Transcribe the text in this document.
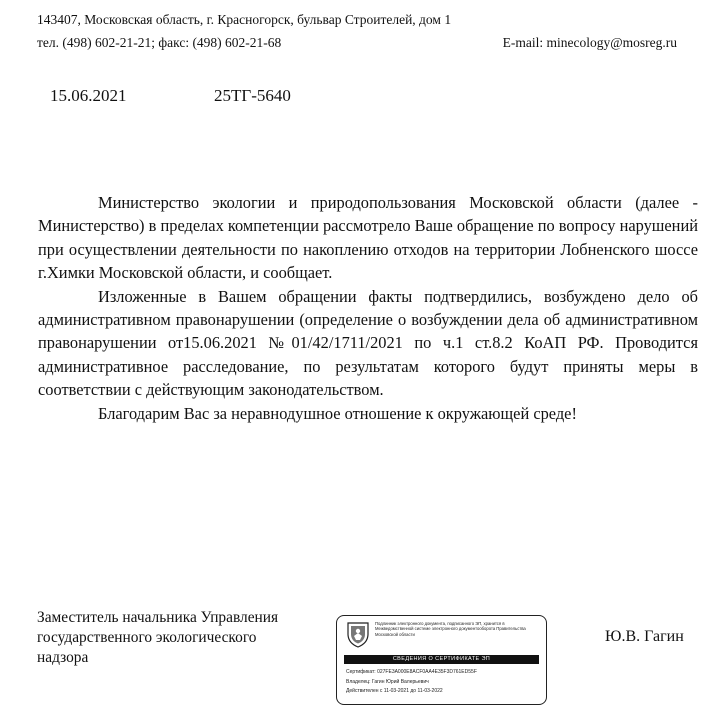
143407, Московская область, г. Красногорск, бульвар Строителей, дом 1
тел. (498) 602-21-21; факс: (498) 602-21-68	E-mail: minecology@mosreg.ru
15.06.2021	25ТГ-5640

Министерство экологии и природопользования Московской области (далее - Министерство) в пределах компетенции рассмотрело Ваше обращение по вопросу нарушений при осуществлении деятельности по накоплению отходов на территории Лобненского шоссе г.Химки Московской области, и сообщает.

Изложенные в Вашем обращении факты подтвердились, возбуждено дело об административном правонарушении (определение о возбуждении дела об административном правонарушении от15.06.2021 №01/42/1711/2021 по ч.1 ст.8.2 КоАП РФ. Проводится административное расследование, по результатам которого будут приняты меры в соответствии с действующим законодательством.

Благодарим Вас за неравнодушное отношение к окружающей среде!

Заместитель начальника Управления
государственного экологического
надзора
Подлинник электронного документа, подписанного ЭП, хранится в Межведомственной системе электронного документооборота Правительства Московской области
СВЕДЕНИЯ О СЕРТИФИКАТЕ ЭП
Сертификат: 027FE3A000E8ACF0AA4E35F3D761ED55F
Владелец: Гагин Юрий Валерьевич
Действителен с 11-03-2021 до 11-03-2022
Ю.В. Гагин
